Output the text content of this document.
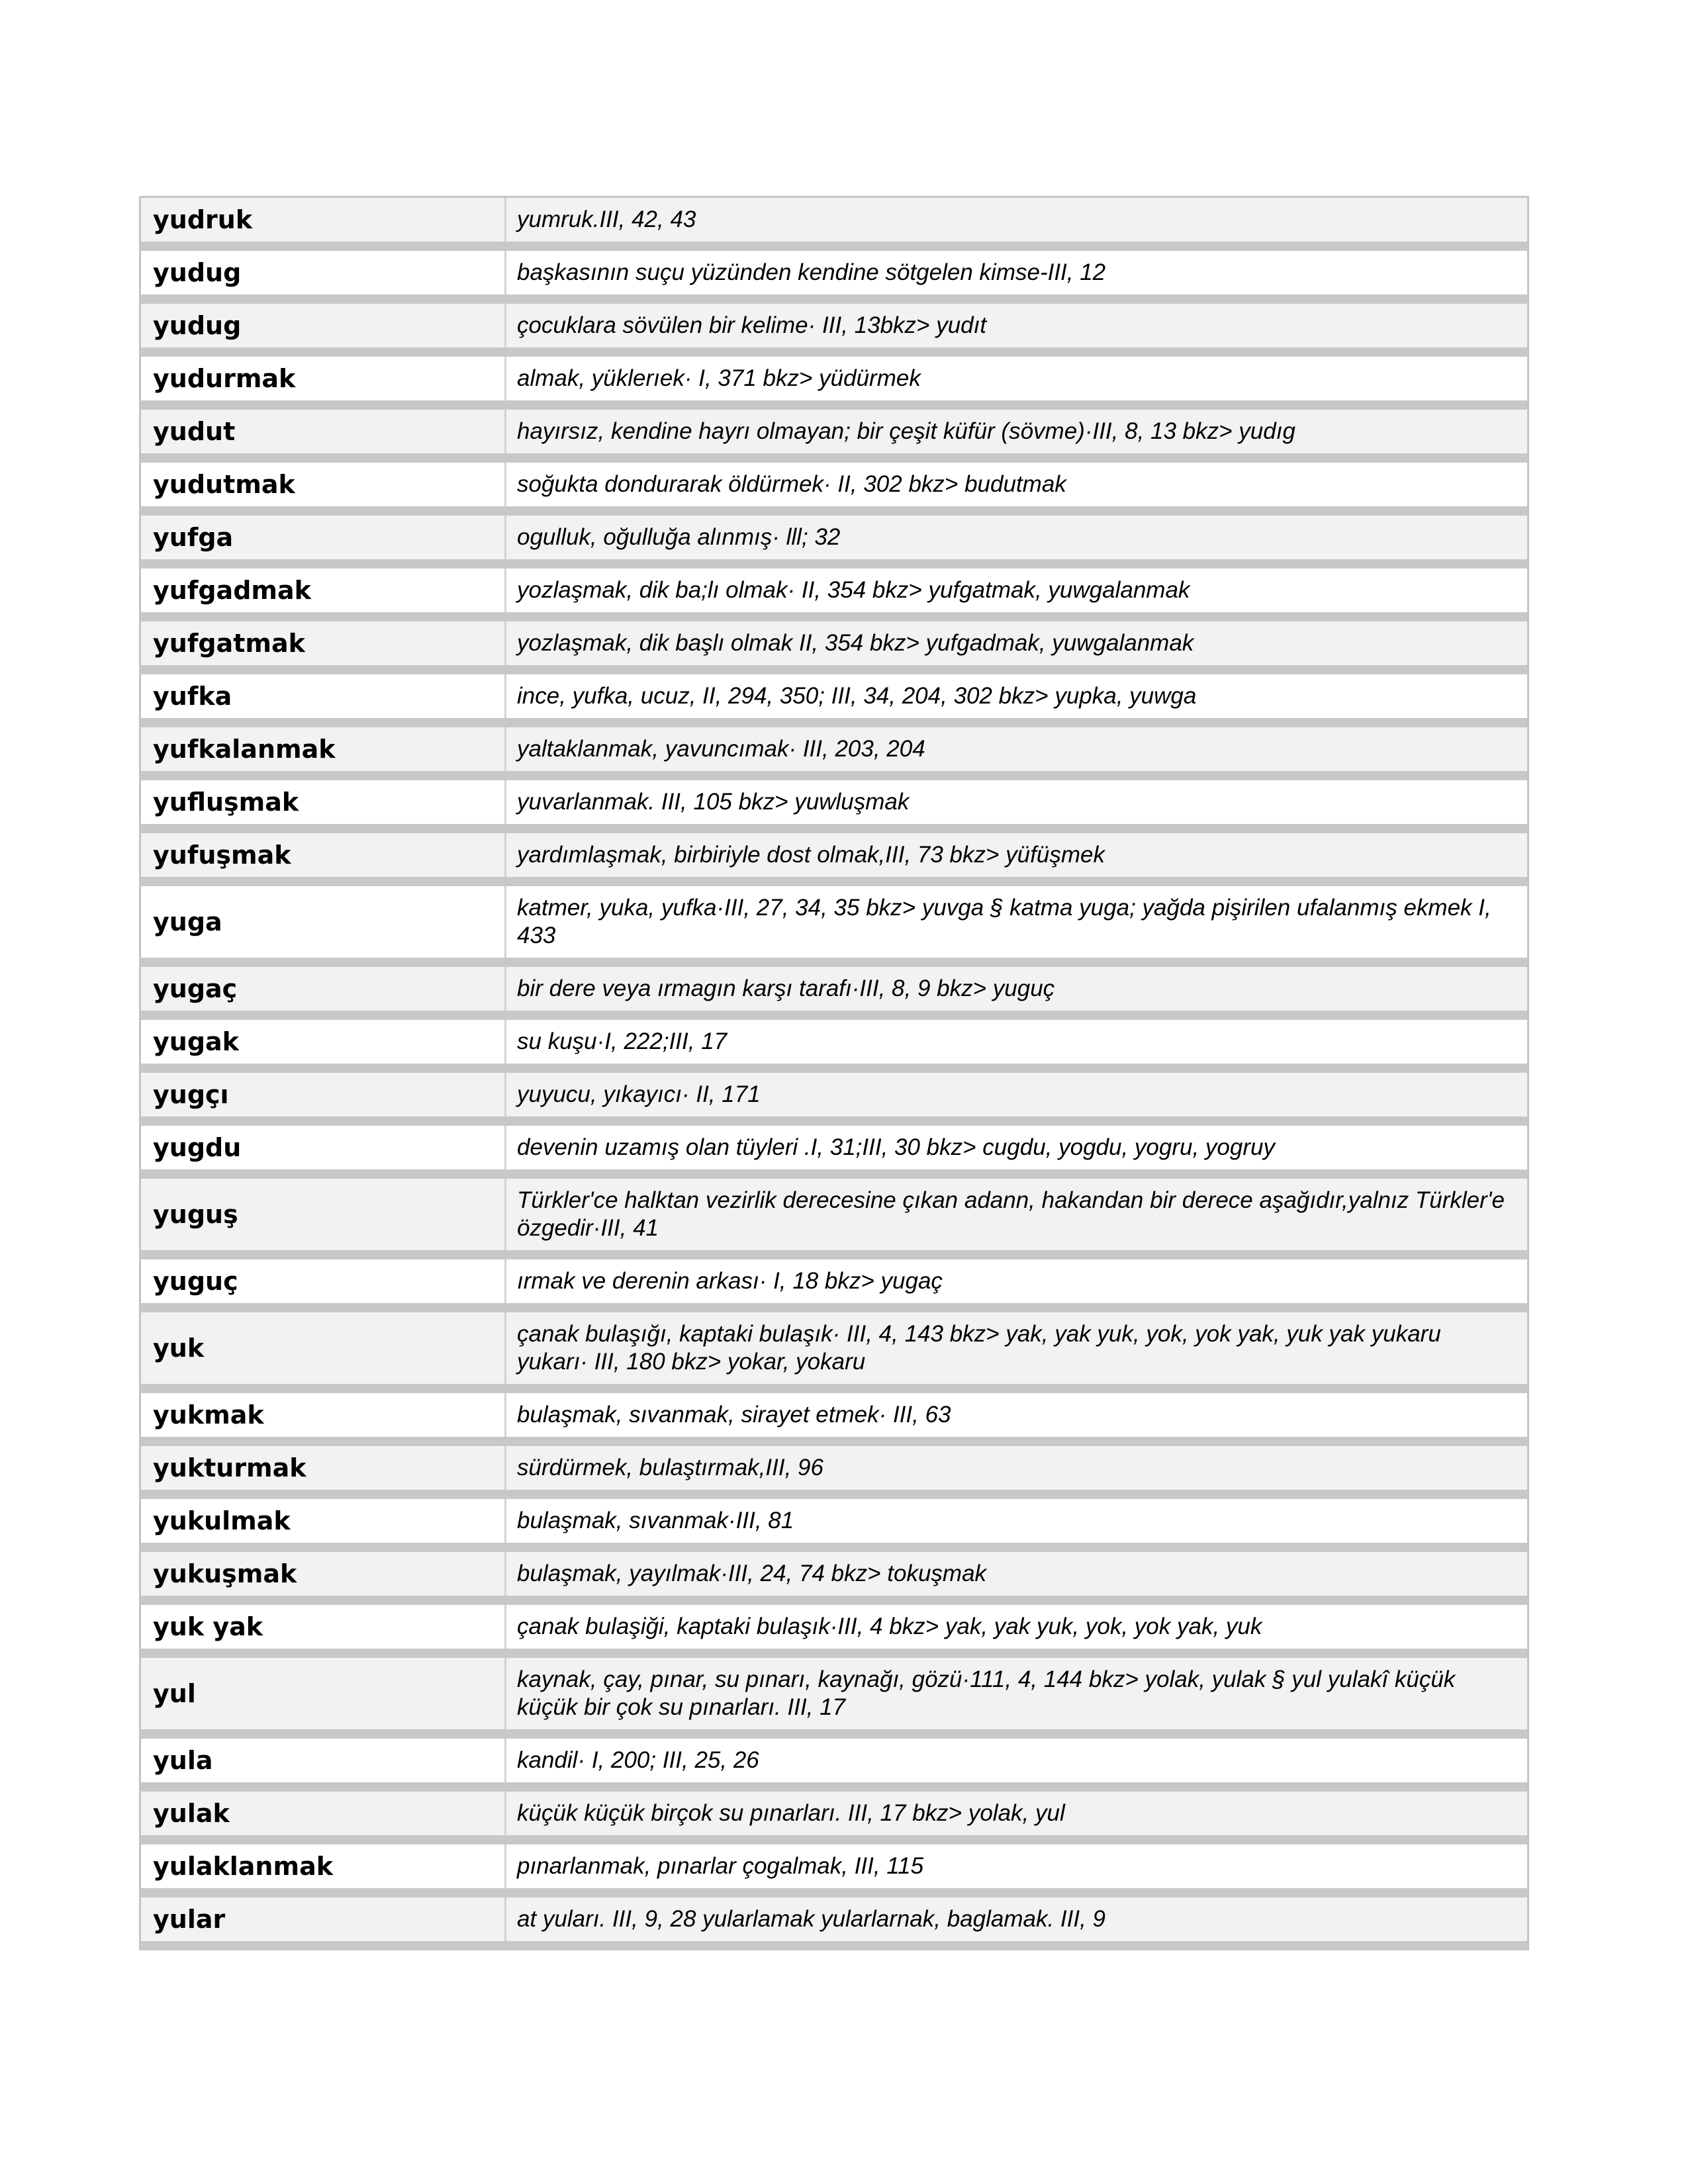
yudruk	yumruk.III, 42, 43
yudug	başkasının suçu yüzünden kendine sötgelen kimse-III, 12
yudug	çocuklara sövülen bir kelime· III, 13bkz> yudıt
yudurmak	almak, yüklerıek· I, 371 bkz> yüdürmek
yudut	hayırsız, kendine hayrı olmayan; bir çeşit küfür (sövme)·III, 8, 13 bkz> yudıg
yudutmak	soğukta dondurarak öldürmek· II, 302 bkz> budutmak
yufga	ogulluk, oğulluğa alınmış· lll; 32
yufgadmak	yozlaşmak, dik ba;lı olmak· II, 354 bkz> yufgatmak, yuwgalanmak
yufgatmak	yozlaşmak, dik başlı olmak II, 354 bkz> yufgadmak, yuwgalanmak
yufka	ince, yufka, ucuz, II, 294, 350; III, 34, 204, 302 bkz> yupka, yuwga
yufkalanmak	yaltaklanmak, yavuncımak· III, 203, 204
yufluşmak	yuvarlanmak. III, 105 bkz> yuwluşmak
yufuşmak	yardımlaşmak, birbiriyle dost olmak,III, 73 bkz> yüfüşmek
yuga	katmer, yuka, yufka·III, 27, 34, 35 bkz> yuvga § katma yuga; yağda pişirilen ufalanmış ekmek I, 433
yugaç	bir dere veya ırmagın karşı tarafı·III, 8, 9 bkz> yuguç
yugak	su kuşu·I, 222;III, 17
yugçı	yuyucu, yıkayıcı· II, 171
yugdu	devenin uzamış olan tüyleri .I, 31;III, 30 bkz> cugdu, yogdu, yogru, yogruy
yuguş	Türkler'ce halktan vezirlik derecesine çıkan adann, hakandan bir derece aşağıdır,yalnız Türkler'e özgedir·III, 41
yuguç	ırmak ve derenin arkası· I, 18 bkz> yugaç
yuk	çanak bulaşığı, kaptaki bulaşık· III, 4, 143 bkz> yak, yak yuk, yok, yok yak, yuk yak yukaru yukarı· III, 180 bkz> yokar, yokaru
yukmak	bulaşmak, sıvanmak, sirayet etmek· III, 63
yukturmak	sürdürmek, bulaştırmak,III, 96
yukulmak	bulaşmak, sıvanmak·III, 81
yukuşmak	bulaşmak, yayılmak·III, 24, 74 bkz> tokuşmak
yuk yak	çanak bulaşiği, kaptaki bulaşık·III, 4 bkz> yak, yak yuk, yok, yok yak, yuk
yul	kaynak, çay, pınar, su pınarı, kaynağı, gözü·111, 4, 144 bkz> yolak, yulak § yul yulakî küçük küçük bir çok su pınarları. III, 17
yula	kandil· I, 200; III, 25, 26
yulak	küçük küçük birçok su pınarları. III, 17 bkz> yolak, yul
yulaklanmak	pınarlanmak, pınarlar çogalmak, III, 115
yular	at yuları. III, 9, 28 yularlamak yularlarnak, baglamak. III, 9
